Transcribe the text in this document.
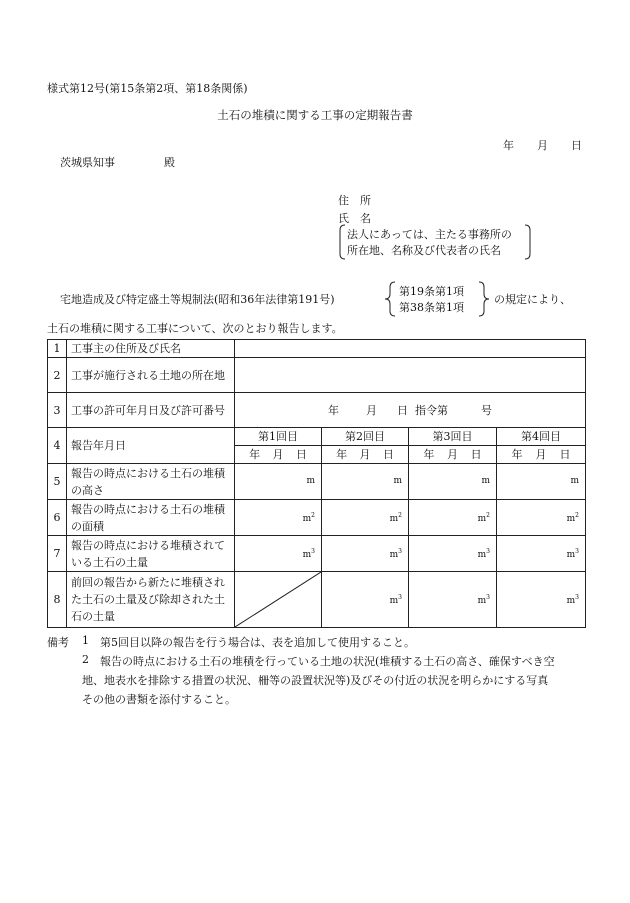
様式第12号(第15条第2項、第18条関係)
土石の堆積に関する工事の定期報告書
年 月 日
茨城県知事	殿
住　所
氏　名
法人にあっては、主たる事務所の
所在地、名称及び代表者の氏名
宅地造成及び特定盛土等規制法(昭和36年法律第191号)
第19条第1項
第38条第1項
の規定により、
土石の堆積に関する工事について、次のとおり報告します。
1	工事主の住所及び氏名				
2	工事が施行される土地の所在地				
3	工事の許可年月日及び許可番号	年 月 日 指令第 号			
4	報告年月日	第1回目	第2回目	第3回目	第4回目

		年 月 日	年 月 日	年 月 日	年 月 日

5	報告の時点における土石の堆積の高さ	m	m	m	m
6	報告の時点における土石の堆積の面積	$m^2$	$m^2$	$m^2$	$m^2$
7	報告の時点における堆積されている土石の土量	$m^3$	$m^3$	$m^3$	$m^3$
8	前回の報告から新たに堆積された土石の土量及び除却された土石の土量		$m^3$	$m^3$	$m^3$
備考 1 第5回目以降の報告を行う場合は、表を追加して使用すること。
2 報告の時点における土石の堆積を行っている土地の状況(堆積する土石の高さ、確保すべき空
地、地表水を排除する措置の状況、柵等の設置状況等)及びその付近の状況を明らかにする写真
その他の書類を添付すること。
